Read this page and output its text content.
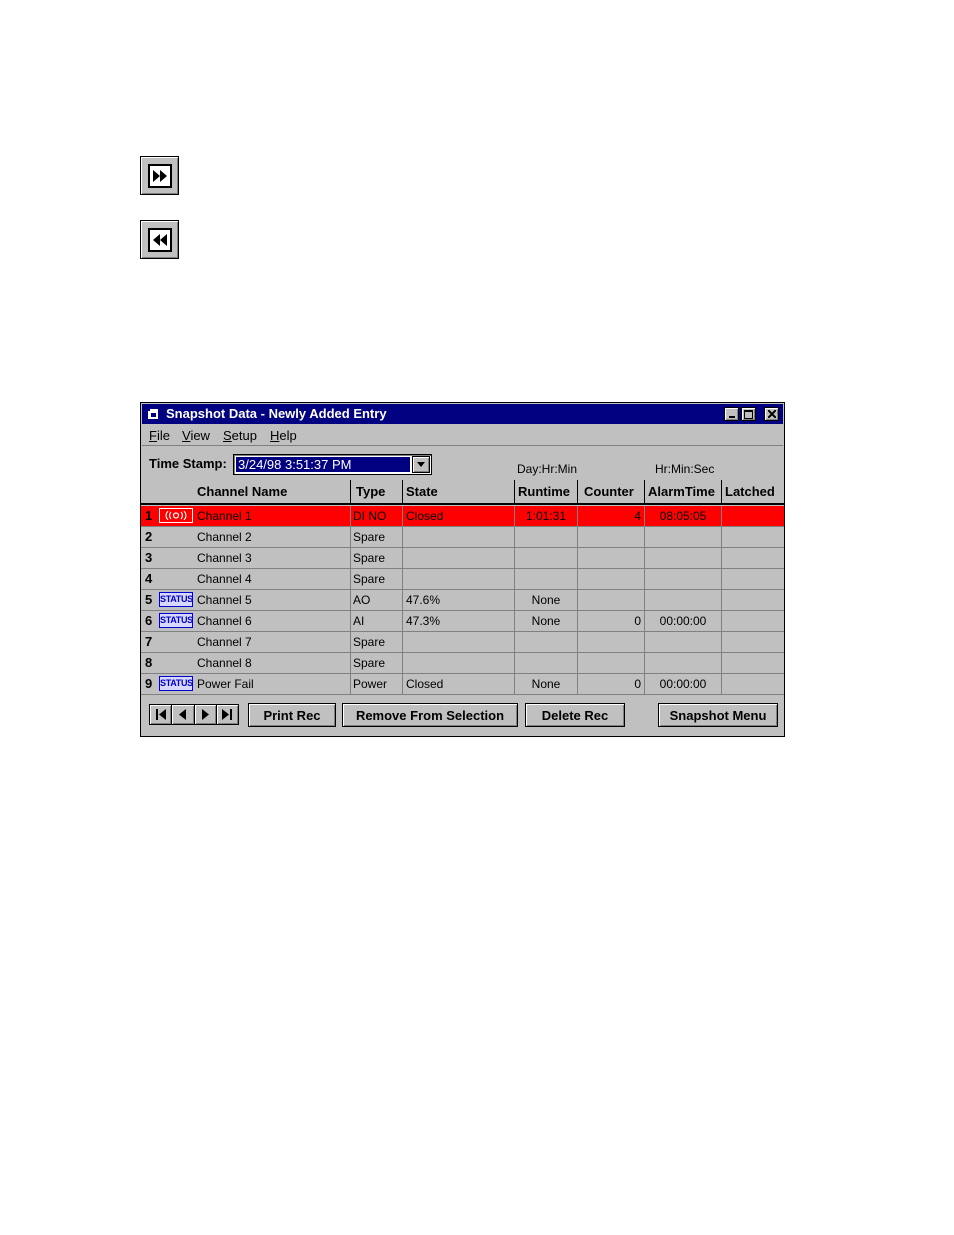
Snapshot Data - Newly Added Entry
File View Setup Help
Time Stamp: 3/24/98 3:51:37 PM	Day:Hr:Min	Hr:Min:Sec
Channel Name	Type	State	Runtime	Counter	AlarmTime Latched
1	Channel 1	DI NO	Closed	1:01:31	4	08:05:05
2	Channel 2	Spare
3	Channel 3	Spare
4	Channel 4	Spare
5 STATUS Channel 5	AO	47.6%	None
6 STATUS Channel 6	AI	47.3%	None	0	00:00:00
7	Channel 7	Spare
8	Channel 8	Spare
9 STATUS Power Fail	Power	Closed	None	0	00:00:00
Print Rec	Remove From Selection	Delete Rec	Snapshot Menu
